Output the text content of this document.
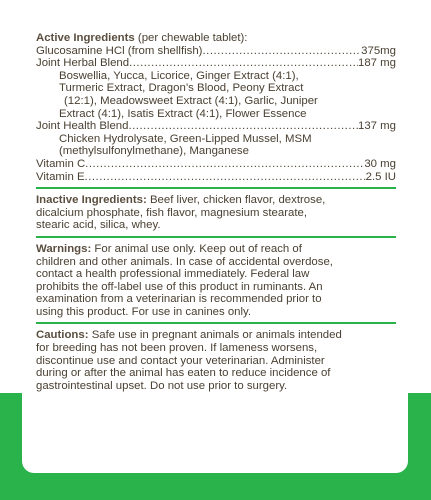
Active Ingredients (per chewable tablet):
Glucosamine HCl (from shellfish) .....	375mg
Joint Herbal Blend .....	187 mg
Boswellia, Yucca, Licorice, Ginger Extract (4:1),
Turmeric Extract, Dragon’s Blood, Peony Extract
(12:1), Meadowsweet Extract (4:1), Garlic, Juniper
Extract (4:1), Isatis Extract (4:1), Flower Essence
Joint Health Blend .....	137 mg
Chicken Hydrolysate, Green-Lipped Mussel, MSM
(methylsulfonylmethane), Manganese
Vitamin C .....	30 mg
Vitamin E .....	2.5 IU
Inactive Ingredients: Beef liver, chicken flavor, dextrose,
dicalcium phosphate, fish flavor, magnesium stearate,
stearic acid, silica, whey.
Warnings: For animal use only. Keep out of reach of
children and other animals. In case of accidental overdose,
contact a health professional immediately. Federal law
prohibits the off-label use of this product in ruminants. An
examination from a veterinarian is recommended prior to
using this product. For use in canines only.
Cautions: Safe use in pregnant animals or animals intended
for breeding has not been proven. If lameness worsens,
discontinue use and contact your veterinarian. Administer
during or after the animal has eaten to reduce incidence of
gastrointestinal upset. Do not use prior to surgery.
